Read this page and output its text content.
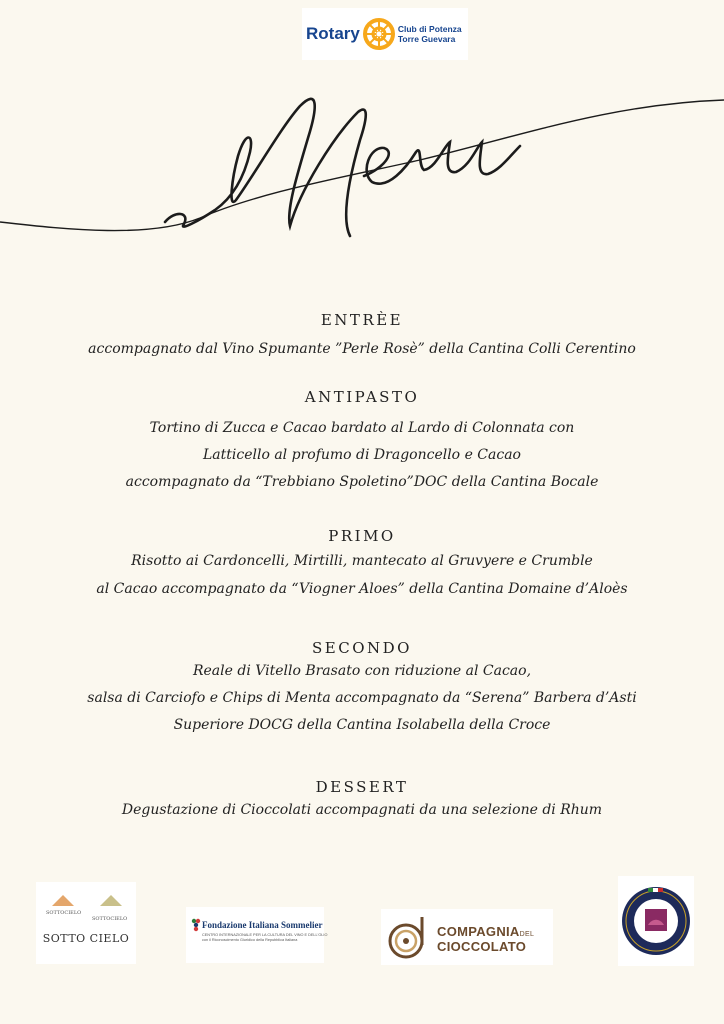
Rotary	Club di Potenza
Torre Guevara
ENTRÈE
accompagnato dal Vino Spumante ”Perle Rosè” della Cantina Colli Cerentino
ANTIPASTO
Tortino di Zucca e Cacao bardato al Lardo di Colonnata con
Latticello al profumo di Dragoncello e Cacao
accompagnato da “Trebbiano Spoletino”DOC della Cantina Bocale
PRIMO
Risotto ai Cardoncelli, Mirtilli, mantecato al Gruvyere e Crumble
al Cacao accompagnato da “Viogner Aloes” della Cantina Domaine d’Aloès
SECONDO
Reale di Vitello Brasato con riduzione al Cacao,
salsa di Carciofo e Chips di Menta accompagnato da “Serena” Barbera d’Asti
Superiore DOCG della Cantina Isolabella della Croce
DESSERT
Degustazione di Cioccolati accompagnati da una selezione di Rhum
SOTTOCIELO
SOTTOCIELO
SOTTO CIELO
Fondazione Italiana Sommelier
CENTRO INTERNAZIONALE PER LA CULTURA DEL VINO E DELL'OLIO
con il Riconoscimento Giuridico della Repubblica Italiana
COMPAGNIADEL
CIOCCOLATO
